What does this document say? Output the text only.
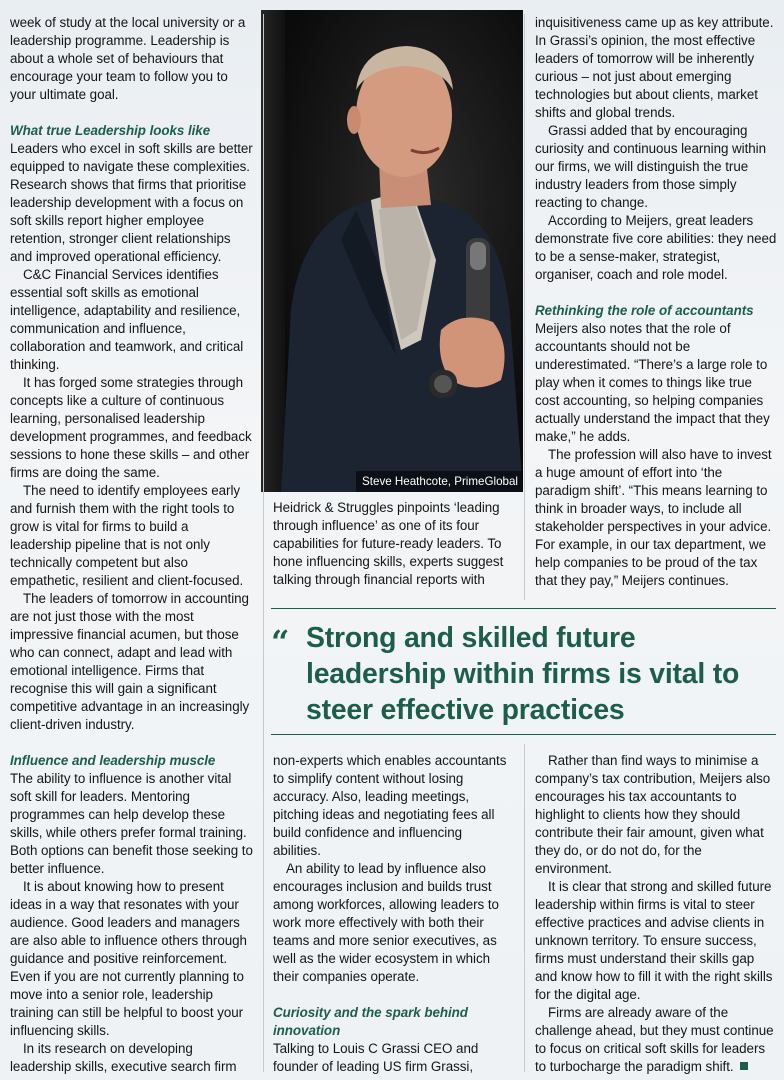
week of study at the local university or a leadership programme. Leadership is about a whole set of behaviours that encourage your team to follow you to your ultimate goal.

What true Leadership looks like

Leaders who excel in soft skills are better equipped to navigate these complexities. Research shows that firms that prioritise leadership development with a focus on soft skills report higher employee retention, stronger client relationships and improved operational efficiency.

C&C Financial Services identifies essential soft skills as emotional intelligence, adaptability and resilience, communication and influence, collaboration and teamwork, and critical thinking.

It has forged some strategies through concepts like a culture of continuous learning, personalised leadership development programmes, and feedback sessions to hone these skills – and other firms are doing the same.

The need to identify employees early and furnish them with the right tools to grow is vital for firms to build a leadership pipeline that is not only technically competent but also empathetic, resilient and client-focused.

The leaders of tomorrow in accounting are not just those with the most impressive financial acumen, but those who can connect, adapt and lead with emotional intelligence. Firms that recognise this will gain a significant competitive advantage in an increasingly client-driven industry.

Influence and leadership muscle

The ability to influence is another vital soft skill for leaders. Mentoring programmes can help develop these skills, while others prefer formal training. Both options can benefit those seeking to better influence.

It is about knowing how to present ideas in a way that resonates with your audience. Good leaders and managers are also able to influence others through guidance and positive reinforcement. Even if you are not currently planning to move into a senior role, leadership training can still be helpful to boost your influencing skills.

In its research on developing leadership skills, executive search firm

Steve Heathcote, PrimeGlobal

Heidrick & Struggles pinpoints ‘leading through influence’ as one of its four capabilities for future-ready leaders. To hone influencing skills, experts suggest talking through financial reports with

inquisitiveness came up as key attribute. In Grassi’s opinion, the most effective leaders of tomorrow will be inherently curious – not just about emerging technologies but about clients, market shifts and global trends.

Grassi added that by encouraging curiosity and continuous learning within our firms, we will distinguish the true industry leaders from those simply reacting to change.

According to Meijers, great leaders demonstrate five core abilities: they need to be a sense-maker, strategist, organiser, coach and role model.

Rethinking the role of accountants

Meijers also notes that the role of accountants should not be underestimated. “There’s a large role to play when it comes to things like true cost accounting, so helping companies actually understand the impact that they make,” he adds.

The profession will also have to invest a huge amount of effort into ‘the paradigm shift’. “This means learning to think in broader ways, to include all stakeholder perspectives in your advice. For example, in our tax department, we help companies to be proud of the tax that they pay,” Meijers continues.

“ Strong and skilled future leadership within firms is vital to steer effective practices

non-experts which enables accountants to simplify content without losing accuracy. Also, leading meetings, pitching ideas and negotiating fees all build confidence and influencing abilities.

An ability to lead by influence also encourages inclusion and builds trust among workforces, allowing leaders to work more effectively with both their teams and more senior executives, as well as the wider ecosystem in which their companies operate.

Curiosity and the spark behind innovation

Talking to Louis C Grassi CEO and founder of leading US firm Grassi,

Rather than find ways to minimise a company’s tax contribution, Meijers also encourages his tax accountants to highlight to clients how they should contribute their fair amount, given what they do, or do not do, for the environment.

It is clear that strong and skilled future leadership within firms is vital to steer effective practices and advise clients in unknown territory. To ensure success, firms must understand their skills gap and know how to fill it with the right skills for the digital age.

Firms are already aware of the challenge ahead, but they must continue to focus on critical soft skills for leaders to turbocharge the paradigm shift.
